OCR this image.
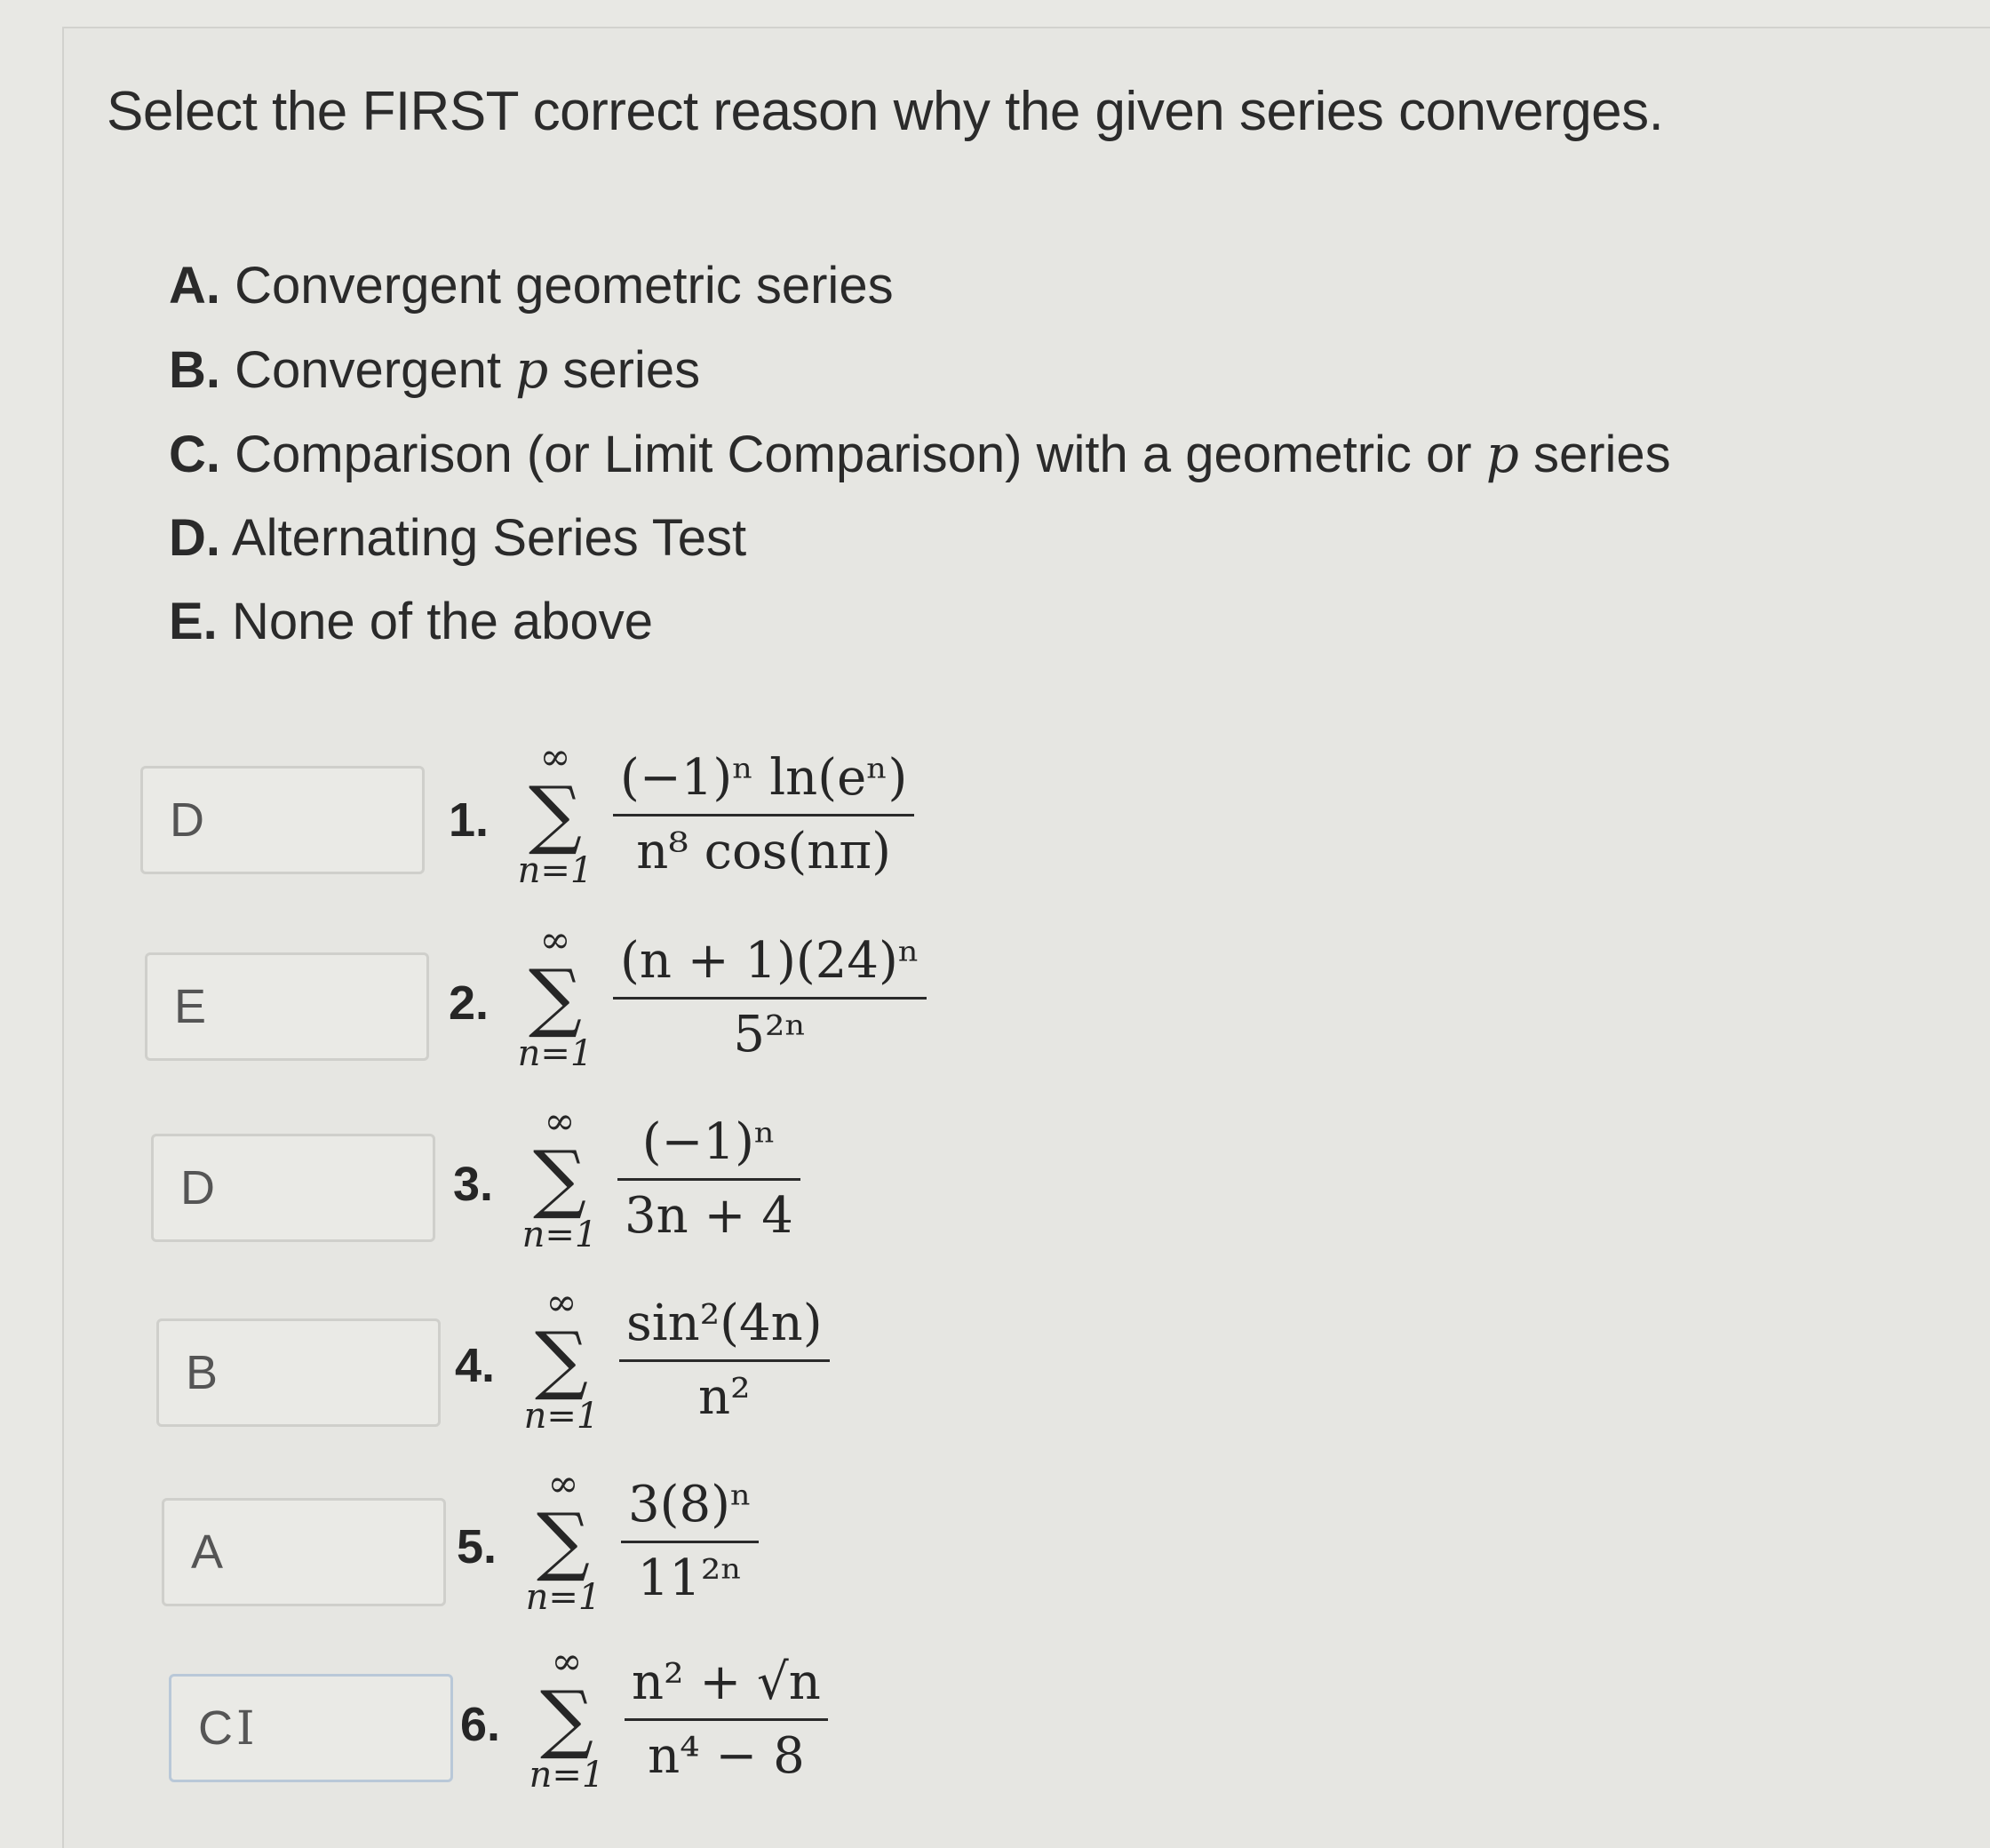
Select the FIRST correct reason why the given series converges.
A. Convergent geometric series
B. Convergent p series
C. Comparison (or Limit Comparison) with a geometric or p series
D. Alternating Series Test
E. None of the above
D
E
D
B
A
CI
1.
∞
∑
n=1
(−1)ⁿ ln(eⁿ)
n⁸ cos(nπ)
2.
∞
∑
n=1
(n + 1)(24)ⁿ
5²ⁿ
3.
∞
∑
n=1
(−1)ⁿ
3n + 4
4.
∞
∑
n=1
sin²(4n)
n²
5.
∞
∑
n=1
3(8)ⁿ
11²ⁿ
6.
∞
∑
n=1
n² + √n
n⁴ − 8
